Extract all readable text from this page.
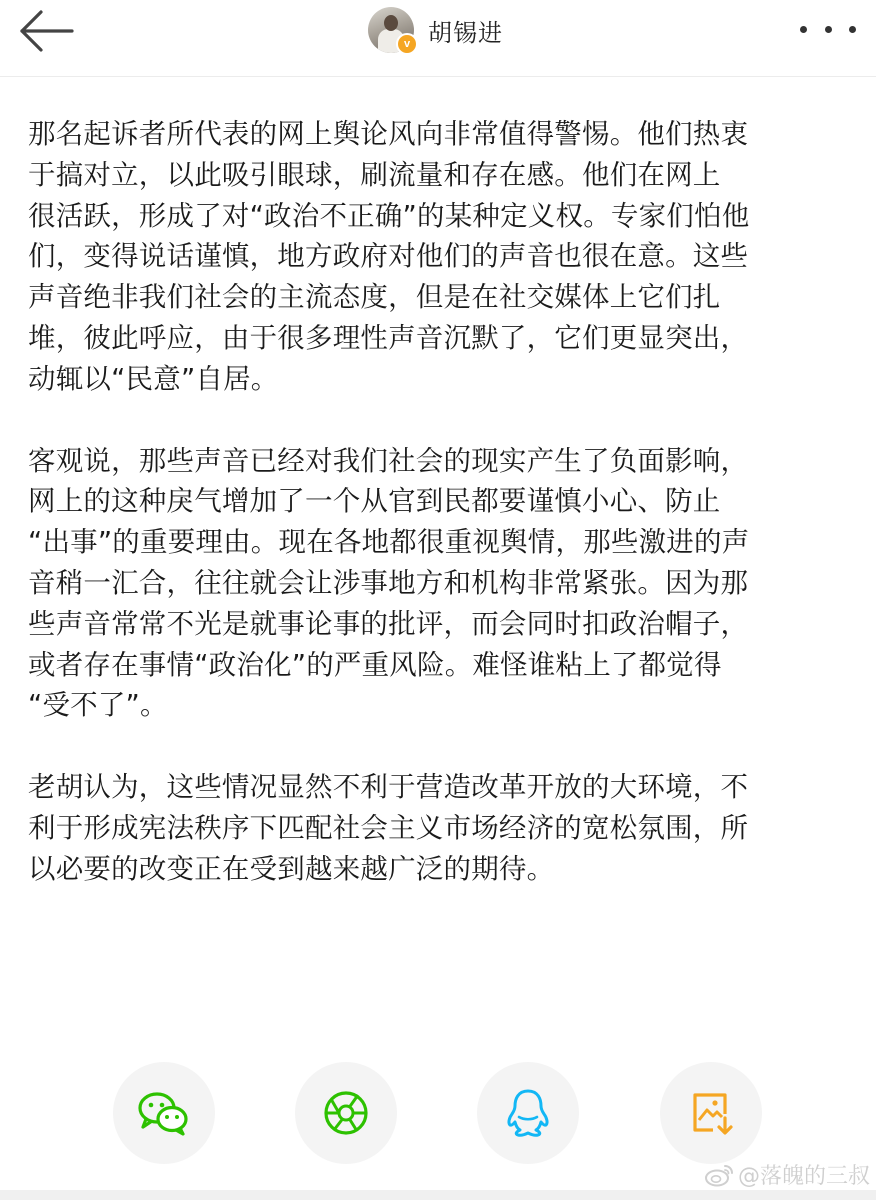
v 胡锡进

那名起诉者所代表的网上舆论风向非常值得警惕。他们热衷
于搞对立，以此吸引眼球，刷流量和存在感。他们在网上
很活跃，形成了对“政治不正确”的某种定义权。专家们怕他
们，变得说话谨慎，地方政府对他们的声音也很在意。这些
声音绝非我们社会的主流态度，但是在社交媒体上它们扎
堆，彼此呼应，由于很多理性声音沉默了，它们更显突出，
动辄以“民意”自居。

客观说，那些声音已经对我们社会的现实产生了负面影响，
网上的这种戾气增加了一个从官到民都要谨慎小心、防止
“出事”的重要理由。现在各地都很重视舆情，那些激进的声
音稍一汇合，往往就会让涉事地方和机构非常紧张。因为那
些声音常常不光是就事论事的批评，而会同时扣政治帽子，
或者存在事情“政治化”的严重风险。难怪谁粘上了都觉得
“受不了”。

老胡认为，这些情况显然不利于营造改革开放的大环境，不
利于形成宪法秩序下匹配社会主义市场经济的宽松氛围，所
以必要的改变正在受到越来越广泛的期待。

@落魄的三叔
